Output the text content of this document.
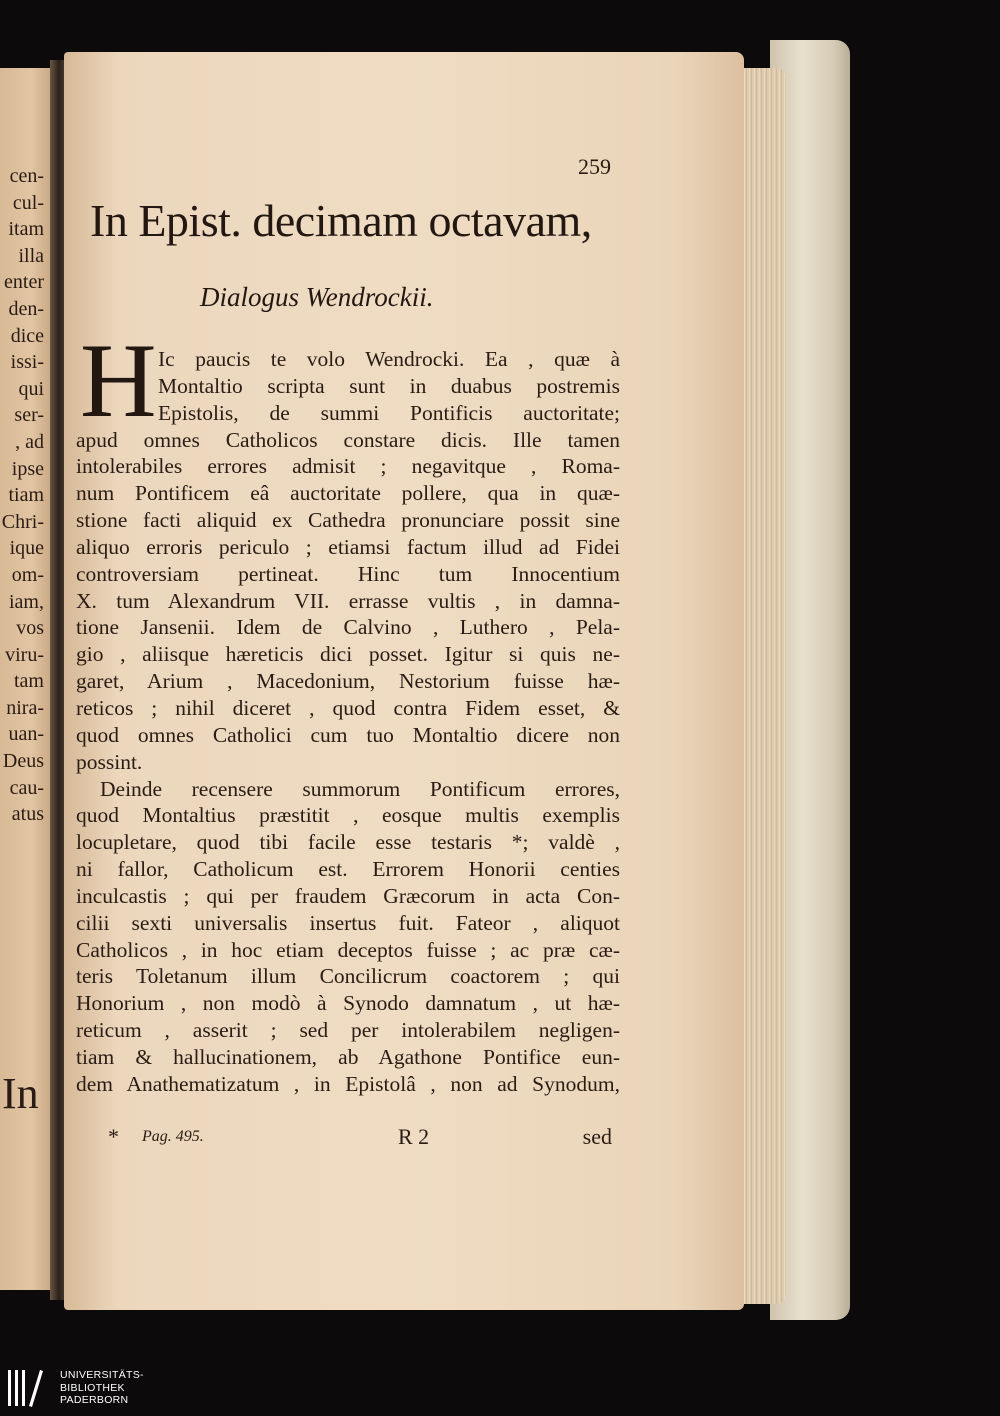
cen-
cul-
itam
illa
enter
den-
dice
issi-
qui
ser-
, ad
ipse
tiam
Chri-
ique
om-
iam,
vos
viru-
tam
nira-
uan-
Deus
cau-
atus
In
259
In Epist. decimam octavam,
Dialogus Wendrockii.
H Ic paucis te volo Wendrocki. Ea , quæ à
Montaltio scripta sunt in duabus postremis
Epistolis, de summi Pontificis auctoritate;
apud omnes Catholicos constare dicis. Ille tamen
intolerabiles errores admisit ; negavitque , Roma-
num Pontificem eâ auctoritate pollere, qua in quæ-
stione facti aliquid ex Cathedra pronunciare possit sine
aliquo erroris periculo ; etiamsi factum illud ad Fidei
controversiam pertineat. Hinc tum Innocentium
X. tum Alexandrum VII. errasse vultis , in damna-
tione Jansenii. Idem de Calvino , Luthero , Pela-
gio , aliisque hæreticis dici posset. Igitur si quis ne-
garet, Arium , Macedonium, Nestorium fuisse hæ-
reticos ; nihil diceret , quod contra Fidem esset, &
quod omnes Catholici cum tuo Montaltio dicere non
possint.
Deinde recensere summorum Pontificum errores,
quod Montaltius præstitit , eosque multis exemplis
locupletare, quod tibi facile esse testaris *; valdè ,
ni fallor, Catholicum est. Errorem Honorii centies
inculcastis ; qui per fraudem Græcorum in acta Con-
cilii sexti universalis insertus fuit. Fateor , aliquot
Catholicos , in hoc etiam deceptos fuisse ; ac præ cæ-
teris Toletanum illum Concilicrum coactorem ; qui
Honorium , non modò à Synodo damnatum , ut hæ-
reticum , asserit ; sed per intolerabilem negligen-
tiam & hallucinationem, ab Agathone Pontifice eun-
dem Anathematizatum , in Epistolâ , non ad Synodum,
* Pag. 495.	R 2	sed
UNIVERSITÄTS-
BIBLIOTHEK
PADERBORN
